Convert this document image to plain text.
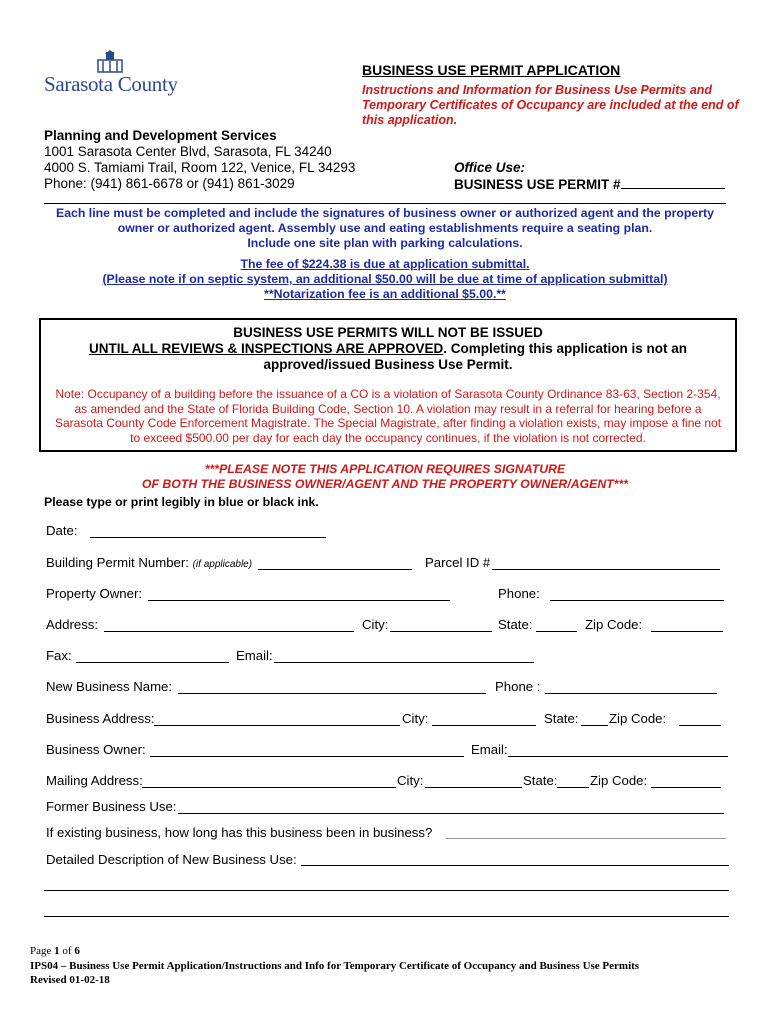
Sarasota County
BUSINESS USE PERMIT APPLICATION
Instructions and Information for Business Use Permits and Temporary Certificates of Occupancy are included at the end of this application.
Planning and Development Services
1001 Sarasota Center Blvd, Sarasota, FL 34240
4000 S. Tamiami Trail, Room 122, Venice, FL 34293
Phone: (941) 861-6678 or (941) 861-3029
Office Use:
BUSINESS USE PERMIT #
Each line must be completed and include the signatures of business owner or authorized agent and the property
owner or authorized agent. Assembly use and eating establishments require a seating plan.
Include one site plan with parking calculations.
The fee of $224.38 is due at application submittal.
(Please note if on septic system, an additional $50.00 will be due at time of application submittal)
**Notarization fee is an additional $5.00.**
BUSINESS USE PERMITS WILL NOT BE ISSUED
UNTIL ALL REVIEWS & INSPECTIONS ARE APPROVED. Completing this application is not an
approved/issued Business Use Permit.
Note: Occupancy of a building before the issuance of a CO is a violation of Sarasota County Ordinance 83-63, Section 2-354, as amended and the State of Florida Building Code, Section 10. A violation may result in a referral for hearing before a Sarasota County Code Enforcement Magistrate. The Special Magistrate, after finding a violation exists, may impose a fine not to exceed $500.00 per day for each day the occupancy continues, if the violation is not corrected.
***PLEASE NOTE THIS APPLICATION REQUIRES SIGNATURE
OF BOTH THE BUSINESS OWNER/AGENT AND THE PROPERTY OWNER/AGENT***
Please type or print legibly in blue or black ink.
Date:
Building Permit Number: (if applicable)	Parcel ID #
Property Owner:	Phone:
Address:	City:	State:	Zip Code:
Fax:	Email:
New Business Name:	Phone :
Business Address:	City:	State: Zip Code:
Business Owner:	Email:
Mailing Address:	City:	State: Zip Code:
Former Business Use:
If existing business, how long has this business been in business?
Detailed Description of New Business Use:
Page 1 of 6
IPS04 – Business Use Permit Application/Instructions and Info for Temporary Certificate of Occupancy and Business Use Permits
Revised 01-02-18
